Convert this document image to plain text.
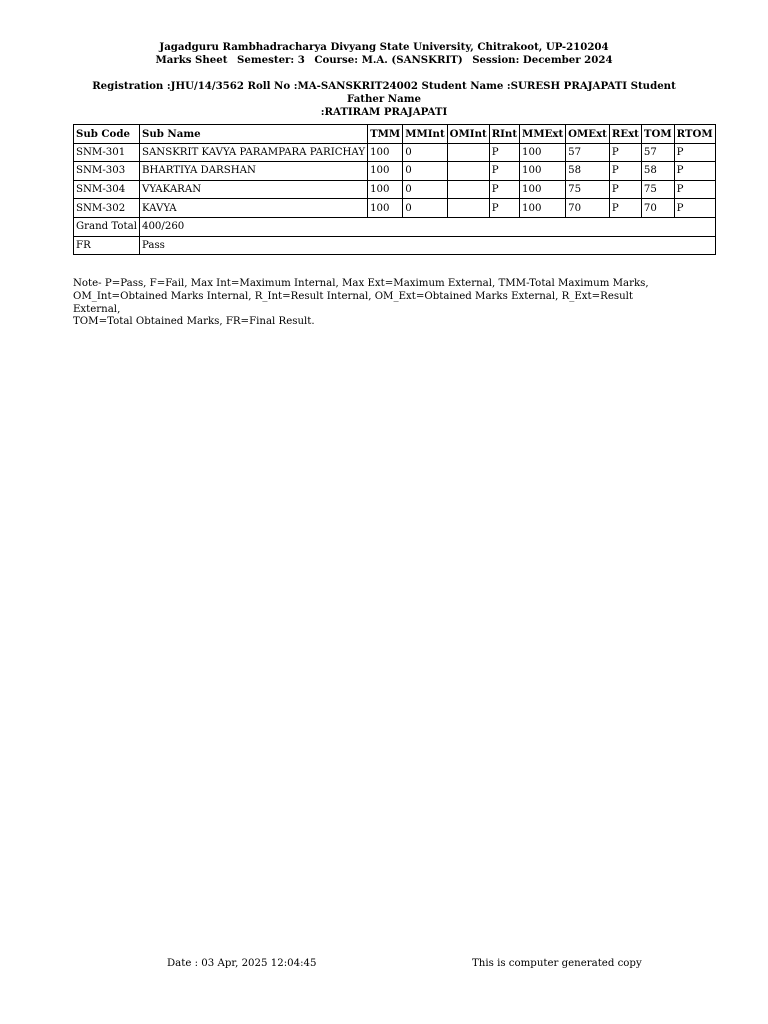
Jagadguru Rambhadracharya Divyang State University, Chitrakoot, UP-210204
Marks Sheet Semester: 3 Course: M.A. (SANSKRIT) Session: December 2024
Registration :JHU/14/3562 Roll No :MA-SANSKRIT24002 Student Name :SURESH PRAJAPATI Student Father Name
:RATIRAM PRAJAPATI
Sub Code	Sub Name	TMM	MMInt	OMInt	RInt	MMExt	OMExt	RExt	TOM	RTOM
SNM-301	SANSKRIT KAVYA PARAMPARA PARICHAY	100	0		P	100	57	P	57	P
SNM-303	BHARTIYA DARSHAN	100	0		P	100	58	P	58	P
SNM-304	VYAKARAN	100	0		P	100	75	P	75	P
SNM-302	KAVYA	100	0		P	100	70	P	70	P
Grand Total	400/260									
FR	Pass									
Note- P=Pass, F=Fail, Max Int=Maximum Internal, Max Ext=Maximum External, TMM-Total Maximum Marks,
OM_Int=Obtained Marks Internal, R_Int=Result Internal, OM_Ext=Obtained Marks External, R_Ext=Result External,
TOM=Total Obtained Marks, FR=Final Result.
Date : 03 Apr, 2025 12:04:45	This is computer generated copy
